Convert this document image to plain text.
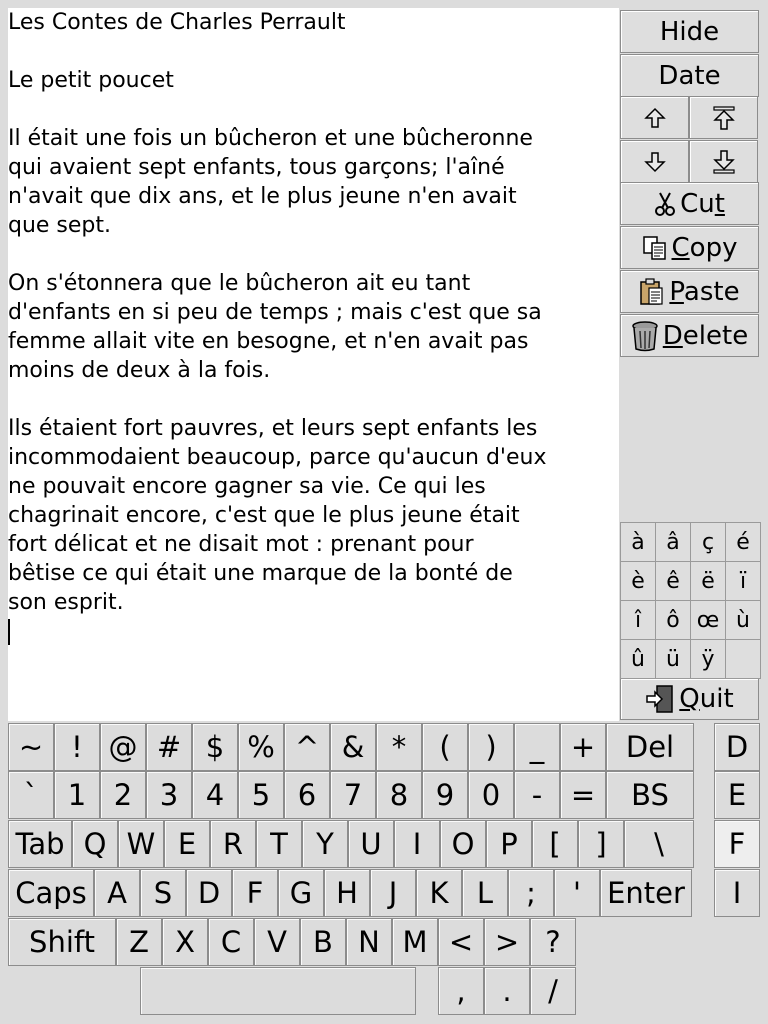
Les Contes de Charles Perrault

Le petit poucet

Il était une fois un bûcheron et une bûcheronne

qui avaient sept enfants, tous garçons; l'aîné

n'avait que dix ans, et le plus jeune n'en avait

que sept.

On s'étonnera que le bûcheron ait eu tant

d'enfants en si peu de temps ; mais c'est que sa

femme allait vite en besogne, et n'en avait pas

moins de deux à la fois.

Ils étaient fort pauvres, et leurs sept enfants les

incommodaient beaucoup, parce qu'aucun d'eux

ne pouvait encore gagner sa vie. Ce qui les

chagrinait encore, c'est que le plus jeune était

fort délicat et ne disait mot : prenant pour

bêtise ce qui était une marque de la bonté de

son esprit.

Hide
Date
Cut
Copy
Paste
Delete
Quit
à â	ç	é
è ê ë	ï
î	ô œ ù
û ü ÿ
~ ! @ # $ % ^ & *	(	)	_ +	Del	D
`	1 2 3 4 5 6 7 8 9 0	- =	BS	E
Tab Q W E R T Y U	I	O P	[	]	\	F
Caps A S D F G H	J	K L	;	' Enter	I
Shift	Z X C V B N M < > ?
,	.	/
